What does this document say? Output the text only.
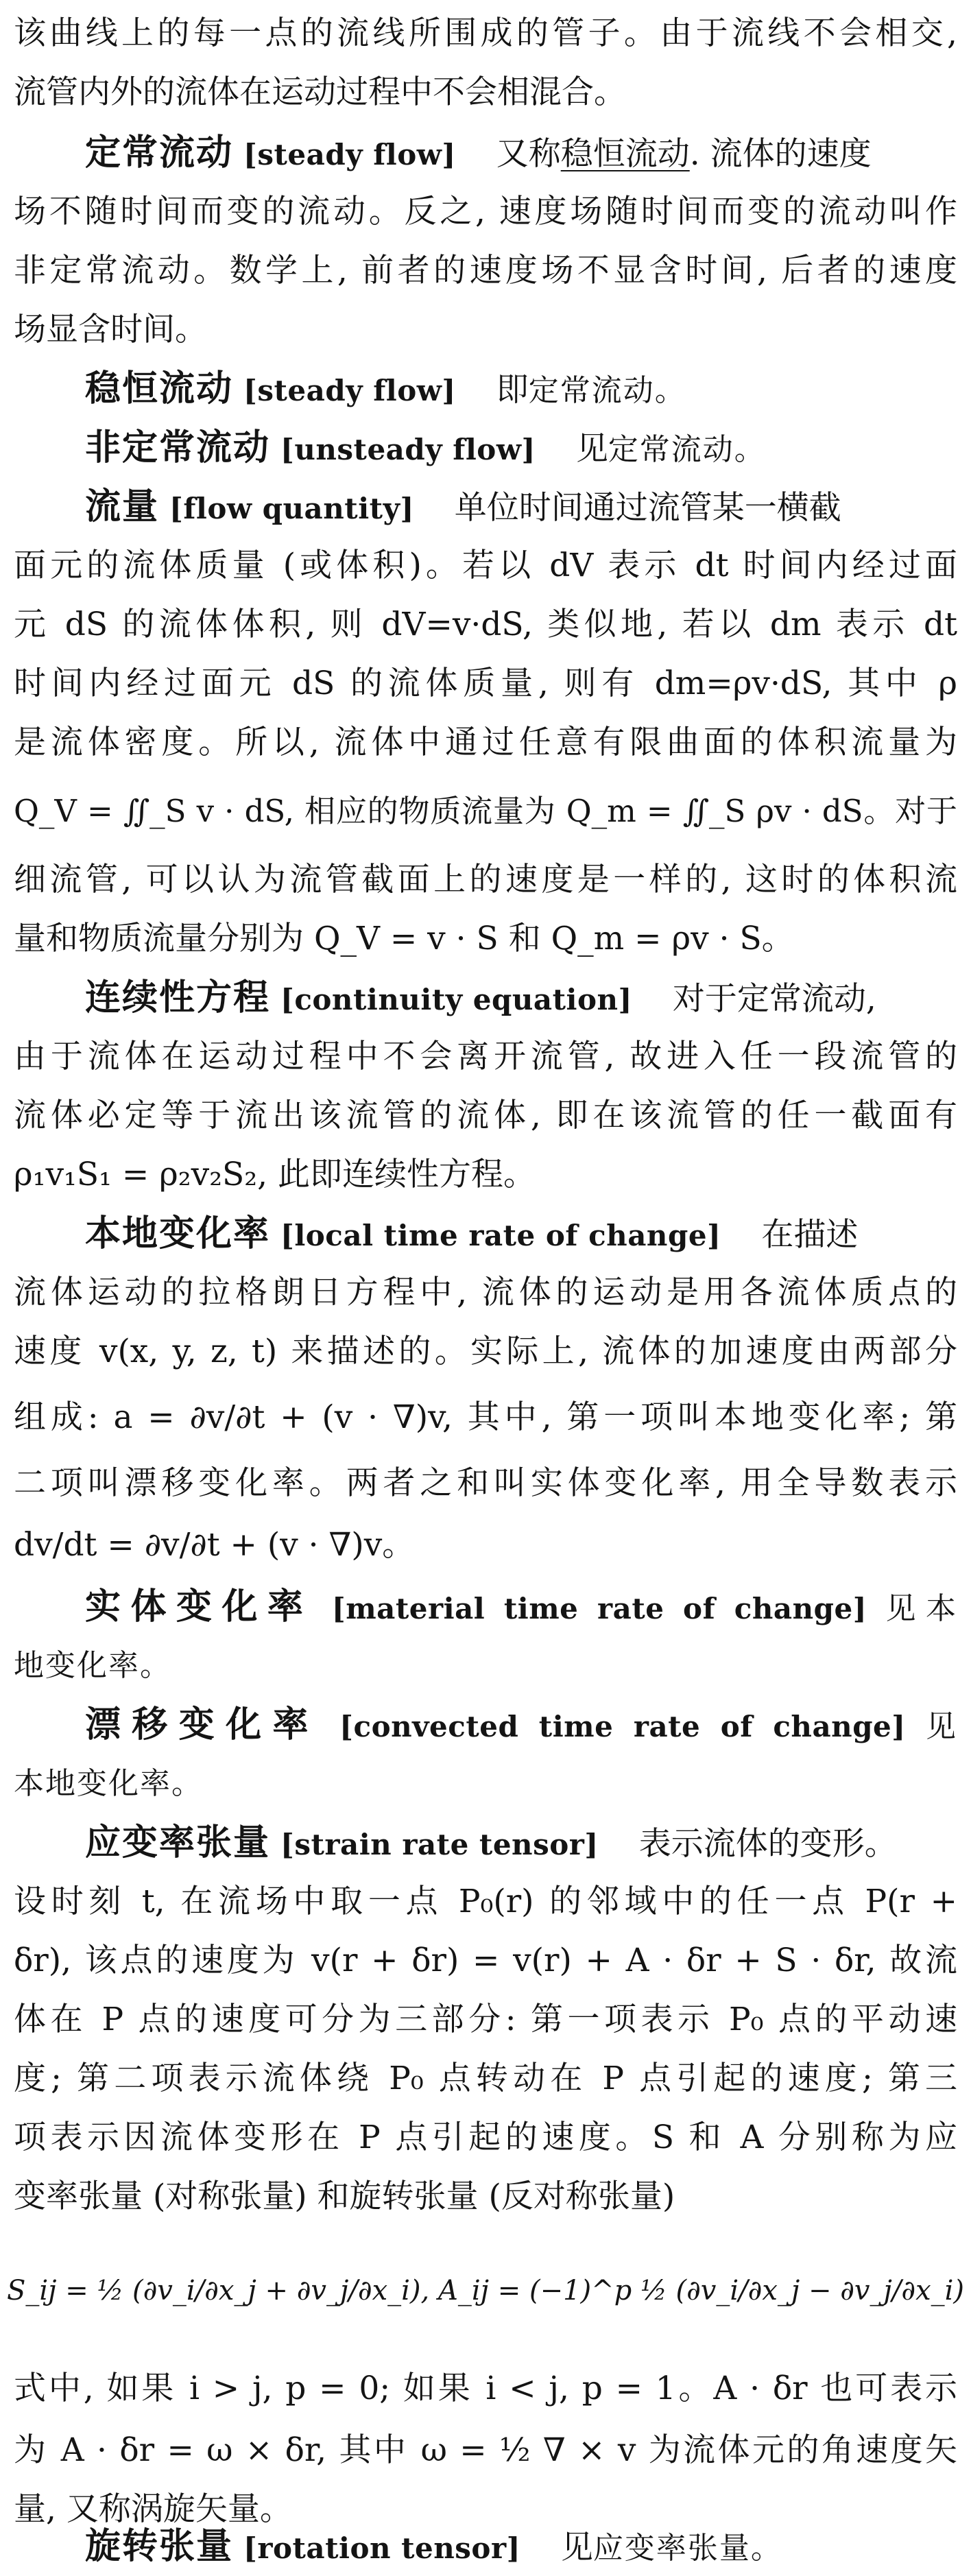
该曲线上的每一点的流线所围成的管子。由于流线不会相交,
流管内外的流体在运动过程中不会相混合。
定常流动 [steady flow] 又称稳恒流动. 流体的速度
场不随时间而变的流动。反之, 速度场随时间而变的流动叫作
非定常流动。数学上, 前者的速度场不显含时间, 后者的速度
场显含时间。
稳恒流动 [steady flow] 即定常流动。
非定常流动 [unsteady flow] 见定常流动。
流量 [flow quantity] 单位时间通过流管某一横截
面元的流体质量 (或体积)。若以 dV 表示 dt 时间内经过面
元 dS 的流体体积, 则 dV=v·dS, 类似地, 若以 dm 表示 dt
时间内经过面元 dS 的流体质量, 则有 dm=ρv·dS, 其中 ρ
是流体密度。所以, 流体中通过任意有限曲面的体积流量为
Q_V = ∬_S v · dS, 相应的物质流量为 Q_m = ∬_S ρv · dS。对于
细流管, 可以认为流管截面上的速度是一样的, 这时的体积流
量和物质流量分别为 Q_V = v · S 和 Q_m = ρv · S。
连续性方程 [continuity equation] 对于定常流动,
由于流体在运动过程中不会离开流管, 故进入任一段流管的
流体必定等于流出该流管的流体, 即在该流管的任一截面有
ρ₁v₁S₁ = ρ₂v₂S₂, 此即连续性方程。
本地变化率 [local time rate of change] 在描述
流体运动的拉格朗日方程中, 流体的运动是用各流体质点的
速度 v(x, y, z, t) 来描述的。实际上, 流体的加速度由两部分
组成: a = ∂v/∂t + (v · ∇)v, 其中, 第一项叫本地变化率; 第
二项叫漂移变化率。两者之和叫实体变化率, 用全导数表示
dv/dt = ∂v/∂t + (v · ∇)v。
实体变化率 [material time rate of change] 见本
地变化率。
漂移变化率 [convected time rate of change] 见
本地变化率。
应变率张量 [strain rate tensor] 表示流体的变形。
设时刻 t, 在流场中取一点 P₀(r) 的邻域中的任一点 P(r +
δr), 该点的速度为 v(r + δr) = v(r) + A · δr + S · δr, 故流
体在 P 点的速度可分为三部分: 第一项表示 P₀ 点的平动速
度; 第二项表示流体绕 P₀ 点转动在 P 点引起的速度; 第三
项表示因流体变形在 P 点引起的速度。S 和 A 分别称为应
变率张量 (对称张量) 和旋转张量 (反对称张量)
S_ij = ½ (∂v_i/∂x_j + ∂v_j/∂x_i), A_ij = (−1)^p ½ (∂v_i/∂x_j − ∂v_j/∂x_i)
式中, 如果 i > j, p = 0; 如果 i < j, p = 1。A · δr 也可表示
为 A · δr = ω × δr, 其中 ω = ½ ∇ × v 为流体元的角速度矢
量, 又称涡旋矢量。
旋转张量 [rotation tensor] 见应变率张量。
